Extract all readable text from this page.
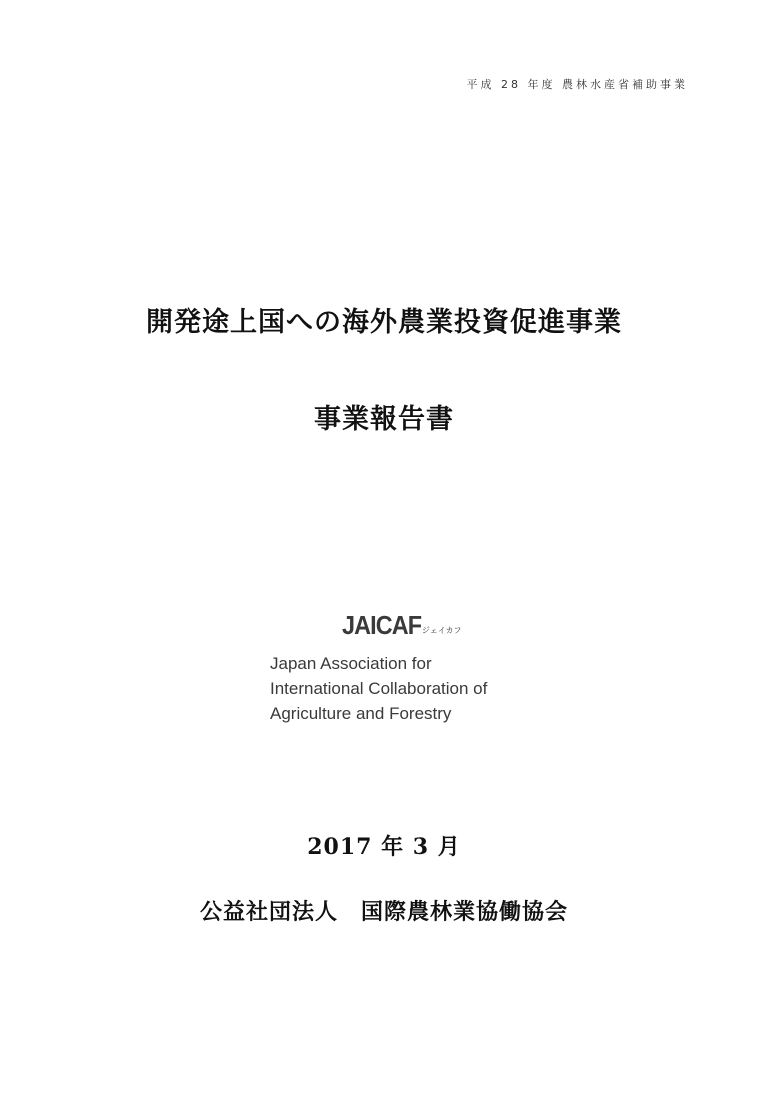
平成 28 年度 農林水産省補助事業
開発途上国への海外農業投資促進事業
事業報告書
JAICAF ジェイカフ
Japan Association for
International Collaboration of
Agriculture and Forestry
2017 年 3 月
公益社団法人　国際農林業協働協会
